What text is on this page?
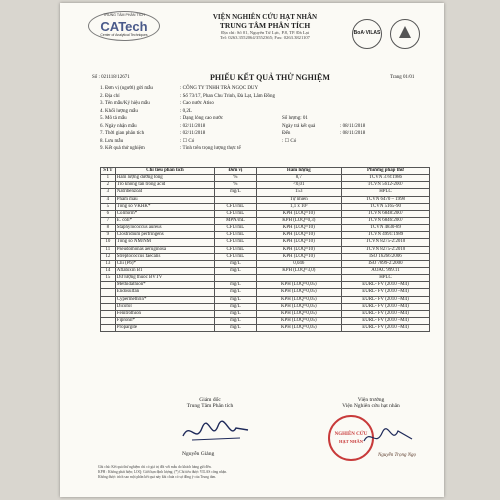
TRUNG TÂM PHÂN TÍCH
CATech
Center of Analytical Techniques
VIỆN NGHIÊN CỨU HẠT NHÂN
TRUNG TÂM PHÂN TÍCH
Địa chỉ: Số 01, Nguyên Tử Lực, P.8, TP. Đà Lạt
Tel: 0263.3552064/3552365; Fax: 0263.3821107
BoA·VILAS
Số : 021118/12671	PHIẾU KẾT QUẢ THỬ NGHIỆM	Trang 01/01
1. Đơn vị (người) gửi mẫu	: CÔNG TY TNHH TRÀ NGỌC DUY
2. Địa chỉ	: Số 73/17, Phan Chu Trinh, Đà Lạt, Lâm Đồng
3. Tên mẫu/Ký hiệu mẫu	: Cao nước Atiso
4. Khối lượng mẫu	: 0,2L
5. Mô tả mẫu	: Dạng lỏng cao nước	Số lượng: 01
6. Ngày nhận mẫu	: 02/11/2018	Ngày trả kết quả	: 08/11/2018
7. Thời gian phân tích	: 02/11/2018	Đến	: 08/11/2018
8. Lưu mẫu	: ☐ Có	: ☐ Có
9. Kết quả thử nghiệm	: Tính trên trọng lượng thực tế
STT	Chỉ tiêu phân tích	Đơn vị	Hàm lượng	Phương pháp thử
1	Hàm lượng đường tổng	%	8,7	TCVN 378:1986
2	Tro không tan trong acid	%	<0,01	TCVN 5612-2007
3	Natribenzoat	mg/L	153	HPLC
4	Phẩm màu		Tự nhiên	TCVN 6470 – 1998
5	Tổng số VKHK*	CFU/mL	1,1 x 10²	TCVN 5165-90
6	Coliform*	CFU/mL	KPH (LOQ=10)	TCVN 6848:2007
7	E. coli*	MPN/mL	KPH (LOQ=0,3)	TCVN 6846:2007
8	Staphylococcus aureus	CFU/mL	KPH (LOQ=10)	TCVN 4830-89
9	Clostridium perfringens	CFU/mL	KPH (LOQ=10)	TCVN 4991:1989
10	Tổng số NM/NM	CFU/mL	KPH (LOQ=10)	TCVN 8275-2:2010
11	Pseudomonas aeruginosa	CFU/mL	KPH (LOQ=10)	TCVN 8275-2:2010
12	Streptococcus faecalis	CFU/mL	KPH (LOQ=10)	ISO 16266:2006
13	Chì (Pb)*	mg/L	0,046	ISO 7899-2:2000
14	Aflatoxin B1	mg/L	KPH (LOQ=3,0)	AOAC 999.11
15	Dư lượng thuốc BVTV			HPLC
	Methidathion*	mg/L	KPH (LOQ=0,05)	EURL- FV (2010 –M4)
	Endosulfan	mg/L	KPH (LOQ=0,05)	EURL- FV (2010 –M4)
	Cypermethrin*	mg/L	KPH (LOQ=0,05)	EURL- FV (2010 –M4)
	Dicofol	mg/L	KPH (LOQ=0,05)	EURL- FV (2010 –M4)
	Fenitrothion	mg/L	KPH (LOQ=0,05)	EURL- FV (2010 –M4)
	Fipronil*	mg/L	KPH (LOQ=0,05)	EURL- FV (2010 –M4)
	Propargite	mg/L	KPH (LOQ=0,05)	EURL- FV (2010 –M4)
Giám đốc
Trung Tâm Phân tích
Nguyễn Giảng
Viện trưởng
Viện Nghiên cứu hạt nhân
NGHIÊN CỨU
HẠT NHÂN
Nguyễn Trọng Ngọ
Ghi chú: Kết quả thử nghiệm chỉ có giá trị đối với mẫu do khách hàng gửi đến.
KPH : Không phát hiện; LOQ: Giới hạn định lượng; (*) Chỉ tiêu được VILAS công nhận.
Không được trích sao một phần kết quả này khi chưa có sự đồng ý của Trung tâm.
